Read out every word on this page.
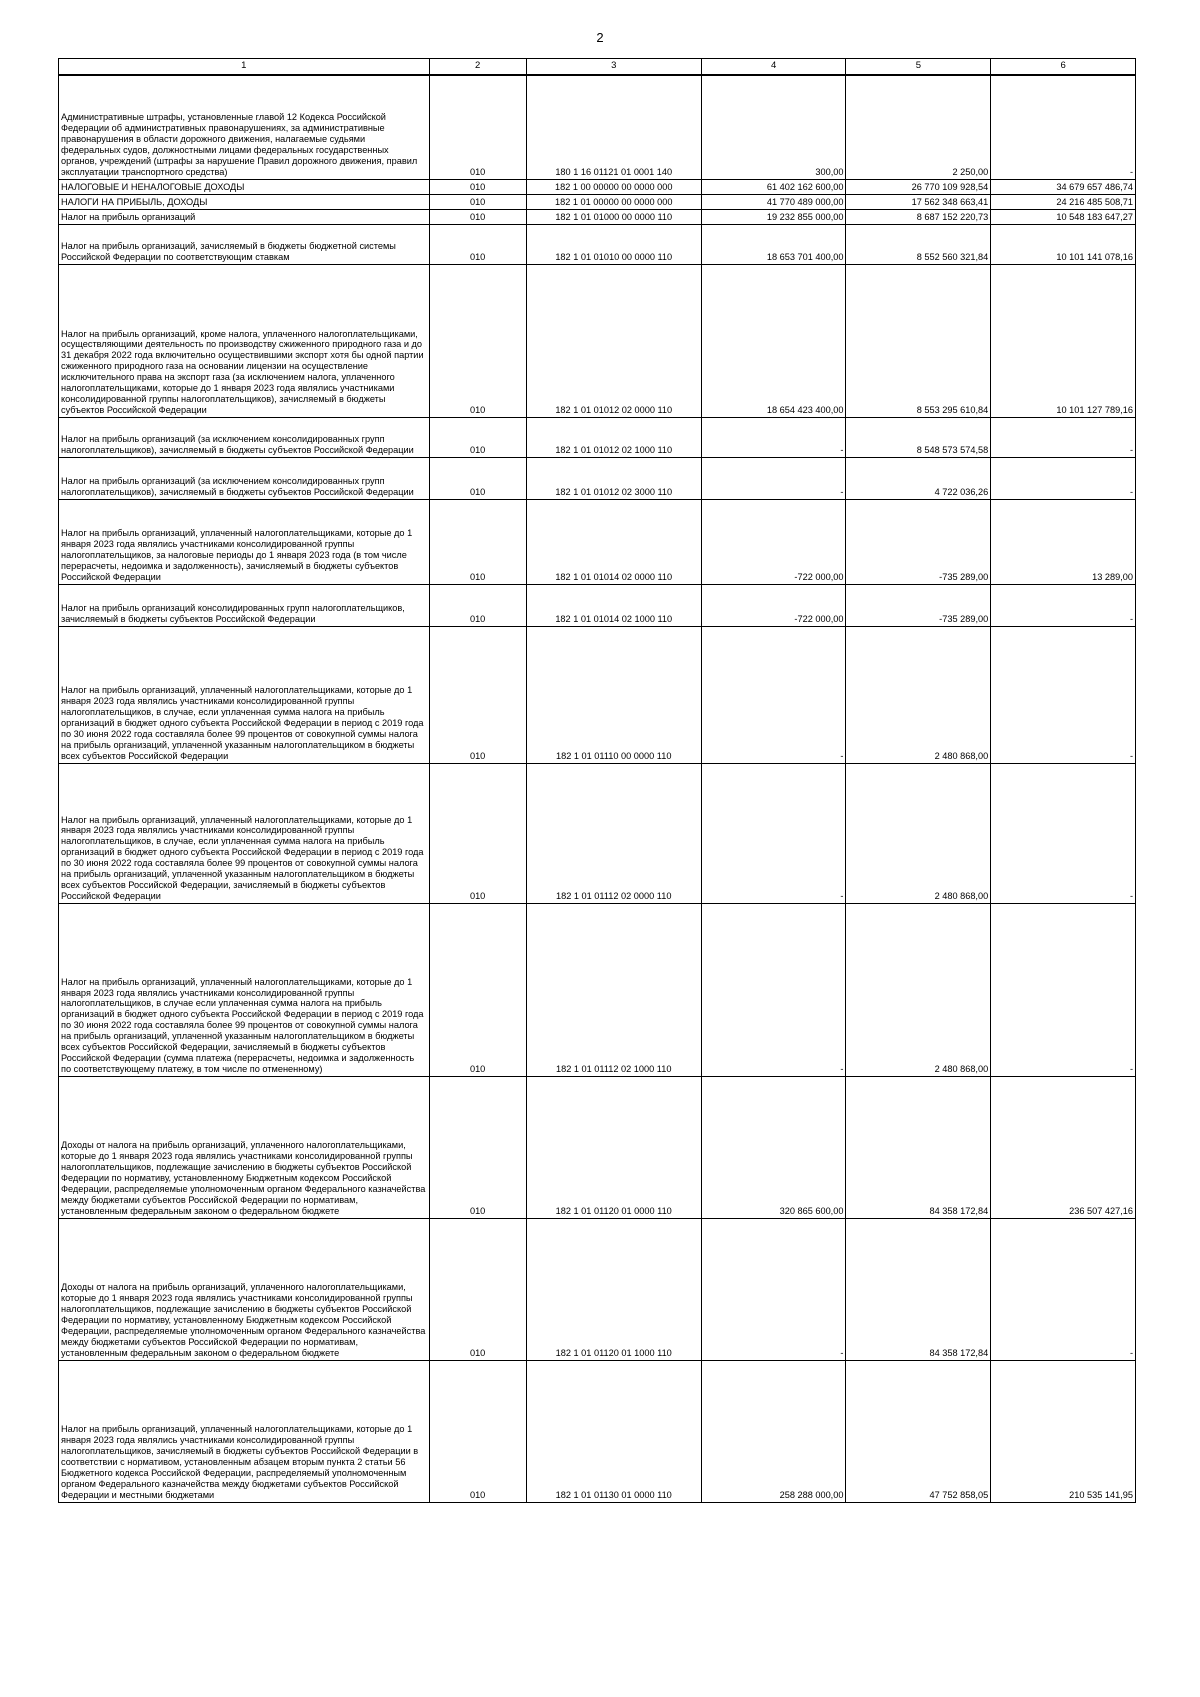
2
1	2	3	4	5	6
Административные штрафы, установленные главой 12 Кодекса Российской Федерации об административных правонарушениях, за административные правонарушения в области дорожного движения, налагаемые судьями федеральных судов, должностными лицами федеральных государственных органов, учреждений (штрафы за нарушение Правил дорожного движения, правил эксплуатации транспортного средства)	010	180 1 16 01121 01 0001 140	300,00	2 250,00	-
НАЛОГОВЫЕ И НЕНАЛОГОВЫЕ ДОХОДЫ	010	182 1 00 00000 00 0000 000	61 402 162 600,00	26 770 109 928,54	34 679 657 486,74
НАЛОГИ НА ПРИБЫЛЬ, ДОХОДЫ	010	182 1 01 00000 00 0000 000	41 770 489 000,00	17 562 348 663,41	24 216 485 508,71
Налог на прибыль организаций	010	182 1 01 01000 00 0000 110	19 232 855 000,00	8 687 152 220,73	10 548 183 647,27
Налог на прибыль организаций, зачисляемый в бюджеты бюджетной системы Российской Федерации по соответствующим ставкам	010	182 1 01 01010 00 0000 110	18 653 701 400,00	8 552 560 321,84	10 101 141 078,16
Налог на прибыль организаций, кроме налога, уплаченного налогоплательщиками, осуществляющими деятельность по производству сжиженного природного газа и до 31 декабря 2022 года включительно осуществившими экспорт хотя бы одной партии сжиженного природного газа на основании лицензии на осуществление исключительного права на экспорт газа (за исключением налога, уплаченного налогоплательщиками, которые до 1 января 2023 года являлись участниками консолидированной группы налогоплательщиков), зачисляемый в бюджеты субъектов Российской Федерации	010	182 1 01 01012 02 0000 110	18 654 423 400,00	8 553 295 610,84	10 101 127 789,16
Налог на прибыль организаций (за исключением консолидированных групп налогоплательщиков), зачисляемый в бюджеты субъектов Российской Федерации	010	182 1 01 01012 02 1000 110	-	8 548 573 574,58	-
Налог на прибыль организаций (за исключением консолидированных групп налогоплательщиков), зачисляемый в бюджеты субъектов Российской Федерации	010	182 1 01 01012 02 3000 110	-	4 722 036,26	-
Налог на прибыль организаций, уплаченный налогоплательщиками, которые до 1 января 2023 года являлись участниками консолидированной группы налогоплательщиков, за налоговые периоды до 1 января 2023 года (в том числе перерасчеты, недоимка и задолженность), зачисляемый в бюджеты субъектов Российской Федерации	010	182 1 01 01014 02 0000 110	-722 000,00	-735 289,00	13 289,00
Налог на прибыль организаций консолидированных групп налогоплательщиков, зачисляемый в бюджеты субъектов Российской Федерации	010	182 1 01 01014 02 1000 110	-722 000,00	-735 289,00	-
Налог на прибыль организаций, уплаченный налогоплательщиками, которые до 1 января 2023 года являлись участниками консолидированной группы налогоплательщиков, в случае, если уплаченная сумма налога на прибыль организаций в бюджет одного субъекта Российской Федерации в период с 2019 года по 30 июня 2022 года составляла более 99 процентов от совокупной суммы налога на прибыль организаций, уплаченной указанным налогоплательщиком в бюджеты всех субъектов Российской Федерации	010	182 1 01 01110 00 0000 110	-	2 480 868,00	-
Налог на прибыль организаций, уплаченный налогоплательщиками, которые до 1 января 2023 года являлись участниками консолидированной группы налогоплательщиков, в случае, если уплаченная сумма налога на прибыль организаций в бюджет одного субъекта Российской Федерации в период с 2019 года по 30 июня 2022 года составляла более 99 процентов от совокупной суммы налога на прибыль организаций, уплаченной указанным налогоплательщиком в бюджеты всех субъектов Российской Федерации, зачисляемый в бюджеты субъектов Российской Федерации	010	182 1 01 01112 02 0000 110	-	2 480 868,00	-
Налог на прибыль организаций, уплаченный налогоплательщиками, которые до 1 января 2023 года являлись участниками консолидированной группы налогоплательщиков, в случае если уплаченная сумма налога на прибыль организаций в бюджет одного субъекта Российской Федерации в период с 2019 года по 30 июня 2022 года составляла более 99 процентов от совокупной суммы налога на прибыль организаций, уплаченной указанным налогоплательщиком в бюджеты всех субъектов Российской Федерации, зачисляемый в бюджеты субъектов Российской Федерации (сумма платежа (перерасчеты, недоимка и задолженность по соответствующему платежу, в том числе по отмененному)	010	182 1 01 01112 02 1000 110	-	2 480 868,00	-
Доходы от налога на прибыль организаций, уплаченного налогоплательщиками, которые до 1 января 2023 года являлись участниками консолидированной группы налогоплательщиков, подлежащие зачислению в бюджеты субъектов Российской Федерации по нормативу, установленному Бюджетным кодексом Российской Федерации, распределяемые уполномоченным органом Федерального казначейства между бюджетами субъектов Российской Федерации по нормативам, установленным федеральным законом о федеральном бюджете	010	182 1 01 01120 01 0000 110	320 865 600,00	84 358 172,84	236 507 427,16
Доходы от налога на прибыль организаций, уплаченного налогоплательщиками, которые до 1 января 2023 года являлись участниками консолидированной группы налогоплательщиков, подлежащие зачислению в бюджеты субъектов Российской Федерации по нормативу, установленному Бюджетным кодексом Российской Федерации, распределяемые уполномоченным органом Федерального казначейства между бюджетами субъектов Российской Федерации по нормативам, установленным федеральным законом о федеральном бюджете	010	182 1 01 01120 01 1000 110	-	84 358 172,84	-
Налог на прибыль организаций, уплаченный налогоплательщиками, которые до 1 января 2023 года являлись участниками консолидированной группы налогоплательщиков, зачисляемый в бюджеты субъектов Российской Федерации в соответствии с нормативом, установленным абзацем вторым пункта 2 статьи 56 Бюджетного кодекса Российской Федерации, распределяемый уполномоченным органом Федерального казначейства между бюджетами субъектов Российской Федерации и местными бюджетами	010	182 1 01 01130 01 0000 110	258 288 000,00	47 752 858,05	210 535 141,95
